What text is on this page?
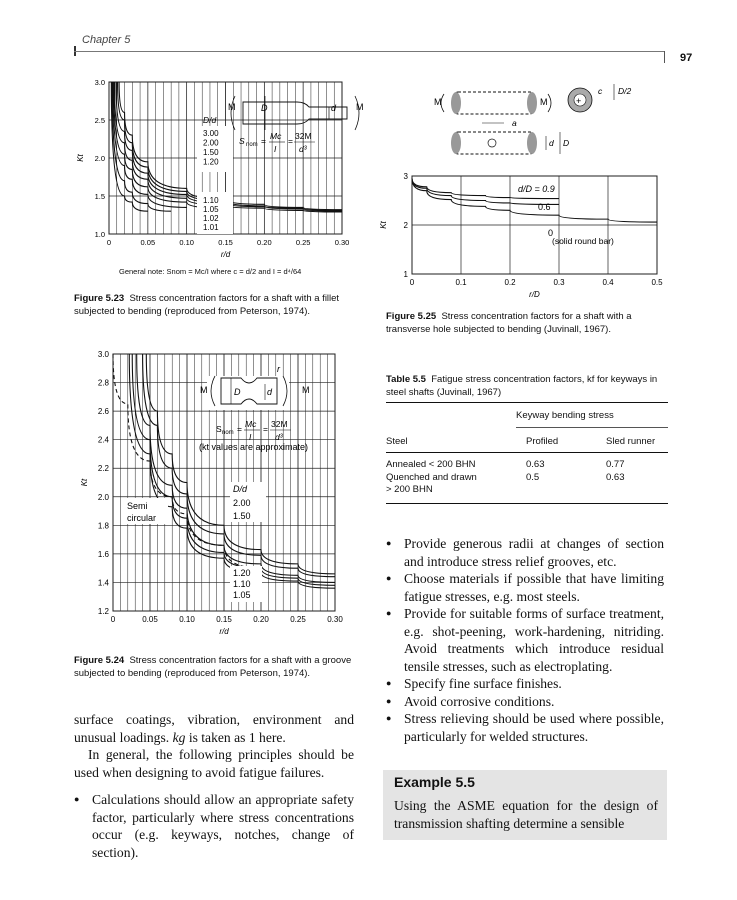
Chapter 5
97
0	0.05	0.10	0.15	0.20	0.25	0.30
1.0
1.5
2.0
2.5
3.0
r/d
Kt
M	M
D	d
S nom = Mc
I
= 32M
d³
D/d
3.00
2.00
1.50
1.20
1.10
1.05
1.02
1.01
General note: Snom = Mc/I where c = d/2 and I = d⁴/64
Figure 5.23 Stress concentration factors for a shaft with a fillet subjected to bending (reproduced from Peterson, 1974).
0	0.05	0.10	0.15	0.20	0.25	0.30
1.2
1.4
1.6
1.8
2.0
2.2
2.4
2.6
2.8
3.0
r/d
Kt
M	M
D	d
r
S nom = Mc
I
= 32M
d³
(kt values are approximate)
D/d
2.00
1.50
1.20
1.10
1.05
Semi
circular
Figure 5.24 Stress concentration factors for a shaft with a groove subjected to bending (reproduced from Peterson, 1974).
surface coatings, vibration, environment and unusual loadings. kg is taken as 1 here.
In general, the following principles should be used when designing to avoid fatigue failures.
● Calculations should allow an appropriate safety factor, particularly where stress concentrations occur (e.g. keyways, notches, change of section).
M	M	+
c D/2
a
d D
d/D = 0.9
0.6
0
(solid round bar)
0	0.1	0.2	0.3	0.4	0.5
1
2
3
r/D
Kt
Figure 5.25 Stress concentration factors for a shaft with a transverse hole subjected to bending (Juvinall, 1967).
Table 5.5 Fatigue stress concentration factors, kf for keyways in steel shafts (Juvinall, 1967)
Keyway bending stress
Steel	Profiled	Sled runner
Annealed < 200 BHN	0.63	0.77
Quenched and drawn	0.5	0.63
> 200 BHN
● Provide generous radii at changes of section and introduce stress relief grooves, etc.
● Choose materials if possible that have limiting fatigue stresses, e.g. most steels.
● Provide for suitable forms of surface treatment, e.g. shot-peening, work-hardening, nitriding. Avoid treatments which introduce residual tensile stresses, such as electroplating.
● Specify fine surface finishes.
● Avoid corrosive conditions.
● Stress relieving should be used where possible, particularly for welded structures.
Example 5.5
Using the ASME equation for the design of transmission shafting determine a sensible
